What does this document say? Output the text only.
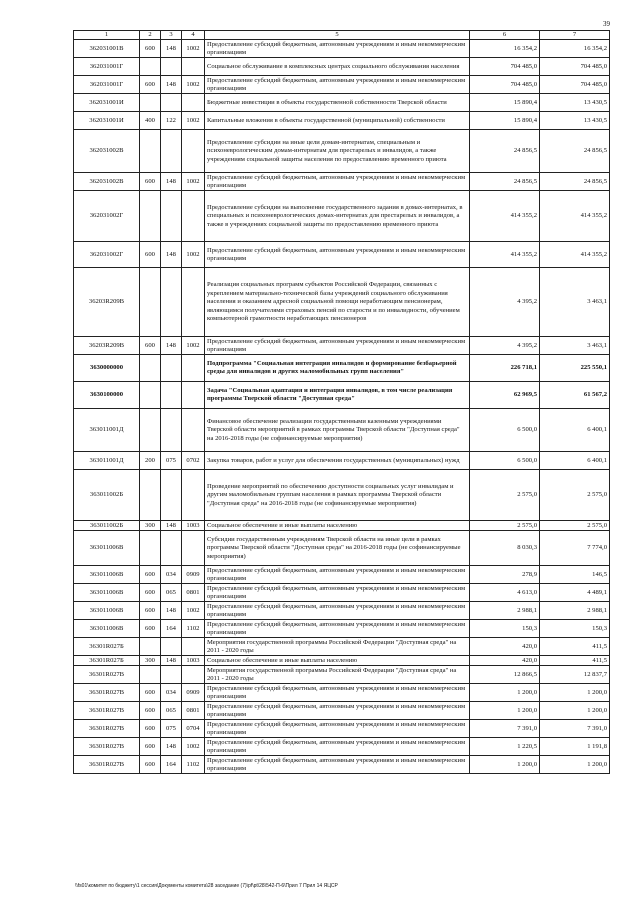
39
1	2	3	4	5	6	7
362031001В	600	148	1002	Предоставление субсидий бюджетным, автономным учреждениям и иным некоммерческим организациям	16 354,2	16 354,2
362031001Г				Социальное обслуживание в комплексных центрах социального обслуживания населения	704 485,0	704 485,0
362031001Г	600	148	1002	Предоставление субсидий бюджетным, автономным учреждениям и иным некоммерческим организациям	704 485,0	704 485,0
362031001И				Бюджетные инвестиции в объекты государственной собственности Тверской области	15 890,4	13 430,5
362031001И	400	122	1002	Капитальные вложения в объекты государственной (муниципальной) собственности	15 890,4	13 430,5
362031002В				Предоставление субсидии на иные цели домам-интернатам, специальным и психоневрологическим домам-интернатам для престарелых и инвалидов, а также учреждениям социальной защиты населения по предоставлению временного приюта	24 856,5	24 856,5
362031002В	600	148	1002	Предоставление субсидий бюджетным, автономным учреждениям и иным некоммерческим организациям	24 856,5	24 856,5
362031002Г				Предоставление субсидии на выполнение государственного задания в домах-интернатах, в специальных и психоневрологических домах-интернатах для престарелых и инвалидов, а также в учреждениях социальной защиты по предоставлению временного приюта	414 355,2	414 355,2
362031002Г	600	148	1002	Предоставление субсидий бюджетным, автономным учреждениям и иным некоммерческим организациям	414 355,2	414 355,2
36203R209В				Реализация социальных программ субъектов Российской Федерации, связанных с укреплением материально-технической базы учреждений социального обслуживания населения и оказанием адресной социальной помощи неработающим пенсионерам, являющимся получателями страховых пенсий по старости и по инвалидности, обучением компьютерной грамотности неработающих пенсионеров	4 395,2	3 463,1
36203R209В	600	148	1002	Предоставление субсидий бюджетным, автономным учреждениям и иным некоммерческим организациям	4 395,2	3 463,1
3630000000				Подпрограмма "Социальная интеграция инвалидов и формирование безбарьерной среды для инвалидов и других маломобильных групп населения"	226 718,1	225 550,1
3630100000				Задача "Социальная адаптация и интеграция инвалидов, в том числе реализация программы Тверской области "Доступная среда"	62 969,5	61 567,2
363011001Д				Финансовое обеспечение реализации государственными казенными учреждениями Тверской области мероприятий в рамках программы Тверской области "Доступная среда" на 2016-2018 годы (не софинансируемые мероприятия)	6 500,0	6 400,1
363011001Д	200	075	0702	Закупка товаров, работ и услуг для обеспечения государственных (муниципальных) нужд	6 500,0	6 400,1
363011002Б				Проведение мероприятий по обеспечению доступности социальных услуг инвалидам и другим маломобильным группам населения в рамках программы Тверской области "Доступная среда" на 2016-2018 годы (не софинансируемые мероприятия)	2 575,0	2 575,0
363011002Б	300	148	1003	Социальное обеспечение и иные выплаты населению	2 575,0	2 575,0
363011006В				Субсидии государственным учреждениям Тверской области на иные цели в рамках программы Тверской области "Доступная среда" на 2016-2018 годы (не софинансируемые мероприятия)	8 030,3	7 774,0
363011006В	600	034	0909	Предоставление субсидий бюджетным, автономным учреждениям и иным некоммерческим организациям	278,9	146,5
363011006В	600	065	0801	Предоставление субсидий бюджетным, автономным учреждениям и иным некоммерческим организациям	4 613,0	4 489,1
363011006В	600	148	1002	Предоставление субсидий бюджетным, автономным учреждениям и иным некоммерческим организациям	2 988,1	2 988,1
363011006В	600	164	1102	Предоставление субсидий бюджетным, автономным учреждениям и иным некоммерческим организациям	150,3	150,3
36301R027Б				Мероприятия государственной программы Российской Федерации "Доступная среда" на 2011 - 2020 годы	420,0	411,5
36301R027Б	300	148	1003	Социальное обеспечение и иные выплаты населению	420,0	411,5
36301R027В				Мероприятия государственной программы Российской Федерации "Доступная среда" на 2011 - 2020 годы	12 866,5	12 837,7
36301R027В	600	034	0909	Предоставление субсидий бюджетным, автономным учреждениям и иным некоммерческим организациям	1 200,0	1 200,0
36301R027В	600	065	0801	Предоставление субсидий бюджетным, автономным учреждениям и иным некоммерческим организациям	1 200,0	1 200,0
36301R027В	600	075	0704	Предоставление субсидий бюджетным, автономным учреждениям и иным некоммерческим организациям	7 391,0	7 391,0
36301R027В	600	148	1002	Предоставление субсидий бюджетным, автономным учреждениям и иным некоммерческим организациям	1 220,5	1 191,8
36301R027В	600	164	1102	Предоставление субсидий бюджетным, автономным учреждениям и иным некоммерческим организациям	1 200,0	1 200,0
\\fs01\комитет по бюджету\1 сессия\Документы комитета\28 заседание (7)\pf\pt\28\542-П-6\Прил 7 Прил 14 ЯЦСР
